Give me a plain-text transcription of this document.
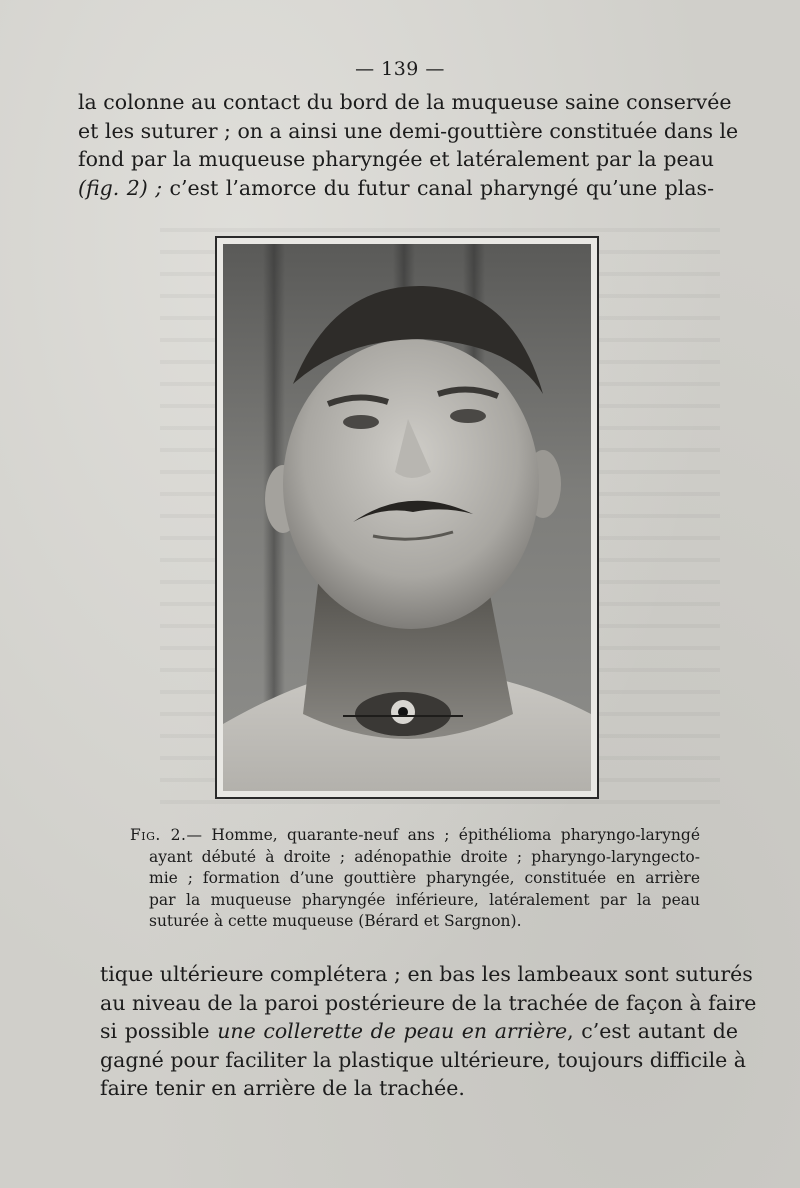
— 139 —
la colonne au contact du bord de la muqueuse saine conservée
et les suturer ; on a ainsi une demi-gouttière constituée dans le
fond par la muqueuse pharyngée et latéralement par la peau
(fig. 2) ; c’est l’amorce du futur canal pharyngé qu’une plas-
Fig. 2.— Homme, quarante-neuf ans ; épithélioma pharyngo-laryngé
ayant débuté à droite ; adénopathie droite ; pharyngo-laryngecto-
mie ; formation d’une gouttière pharyngée, constituée en arrière
par la muqueuse pharyngée inférieure, latéralement par la peau
suturée à cette muqueuse (Bérard et Sargnon).
tique ultérieure complétera ; en bas les lambeaux sont suturés
au niveau de la paroi postérieure de la trachée de façon à faire
si possible une collerette de peau en arrière, c’est autant de
gagné pour faciliter la plastique ultérieure, toujours difficile à
faire tenir en arrière de la trachée.
